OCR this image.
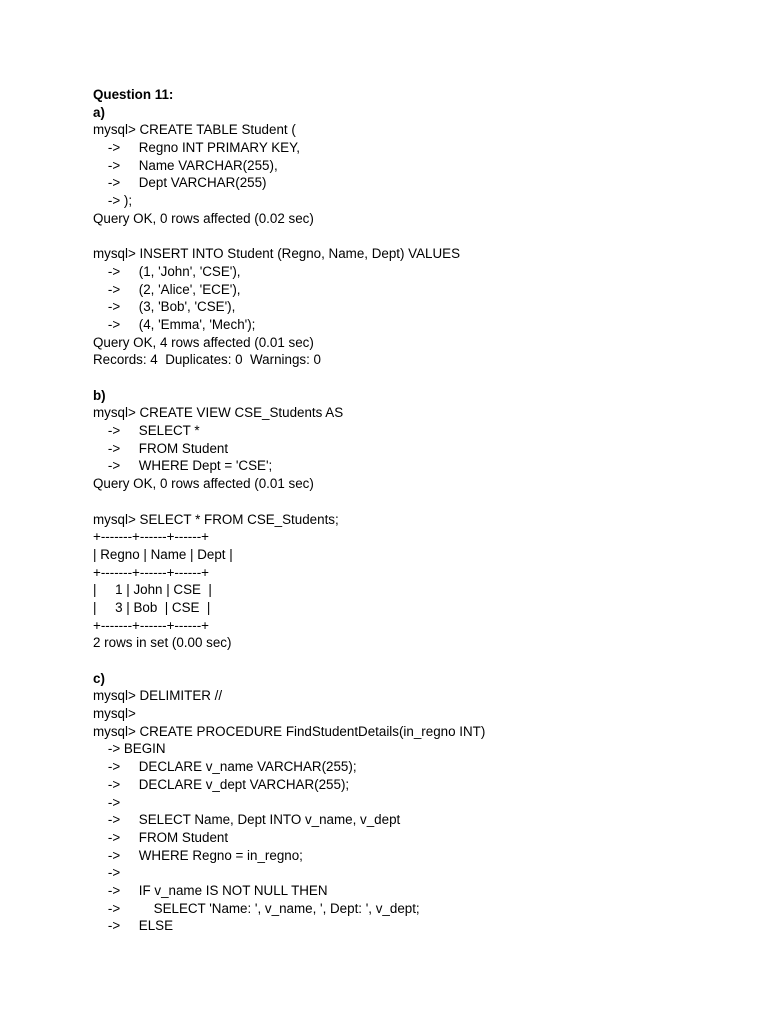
Question 11:
a)
mysql> CREATE TABLE Student (
->     Regno INT PRIMARY KEY,
->     Name VARCHAR(255),
->     Dept VARCHAR(255)
-> );
Query OK, 0 rows affected (0.02 sec)
mysql> INSERT INTO Student (Regno, Name, Dept) VALUES
->     (1, 'John', 'CSE'),
->     (2, 'Alice', 'ECE'),
->     (3, 'Bob', 'CSE'),
->     (4, 'Emma', 'Mech');
Query OK, 4 rows affected (0.01 sec)
Records: 4  Duplicates: 0  Warnings: 0
b)
mysql> CREATE VIEW CSE_Students AS
->     SELECT *
->     FROM Student
->     WHERE Dept = 'CSE';
Query OK, 0 rows affected (0.01 sec)
mysql> SELECT * FROM CSE_Students;
+-------+------+------+
| Regno | Name | Dept |
+-------+------+------+
|     1 | John | CSE  |
|     3 | Bob  | CSE  |
+-------+------+------+
2 rows in set (0.00 sec)
c)
mysql> DELIMITER //
mysql>
mysql> CREATE PROCEDURE FindStudentDetails(in_regno INT)
-> BEGIN
->     DECLARE v_name VARCHAR(255);
->     DECLARE v_dept VARCHAR(255);
->
->     SELECT Name, Dept INTO v_name, v_dept
->     FROM Student
->     WHERE Regno = in_regno;
->
->     IF v_name IS NOT NULL THEN
->         SELECT 'Name: ', v_name, ', Dept: ', v_dept;
->     ELSE
